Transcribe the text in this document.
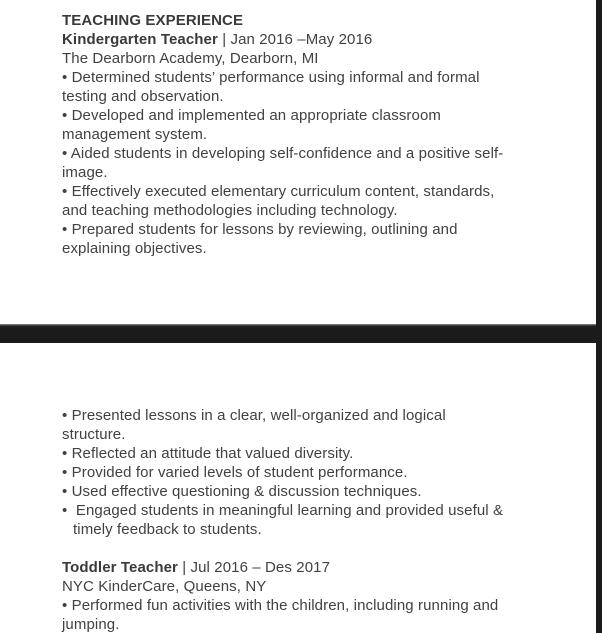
TEACHING EXPERIENCE
Kindergarten Teacher | Jan 2016 –May 2016
The Dearborn Academy, Dearborn, MI
• Determined students’ performance using informal and formal
testing and observation.
• Developed and implemented an appropriate classroom
management system.
• Aided students in developing self-confidence and a positive self-
image.
• Effectively executed elementary curriculum content, standards,
and teaching methodologies including technology.
• Prepared students for lessons by reviewing, outlining and
explaining objectives.
• Presented lessons in a clear, well-organized and logical
structure.
• Reflected an attitude that valued diversity.
• Provided for varied levels of student performance.
• Used effective questioning & discussion techniques.
•  Engaged students in meaningful learning and provided useful &
timely feedback to students.
Toddler Teacher | Jul 2016 – Des 2017
NYC KinderCare, Queens, NY
• Performed fun activities with the children, including running and
jumping.
